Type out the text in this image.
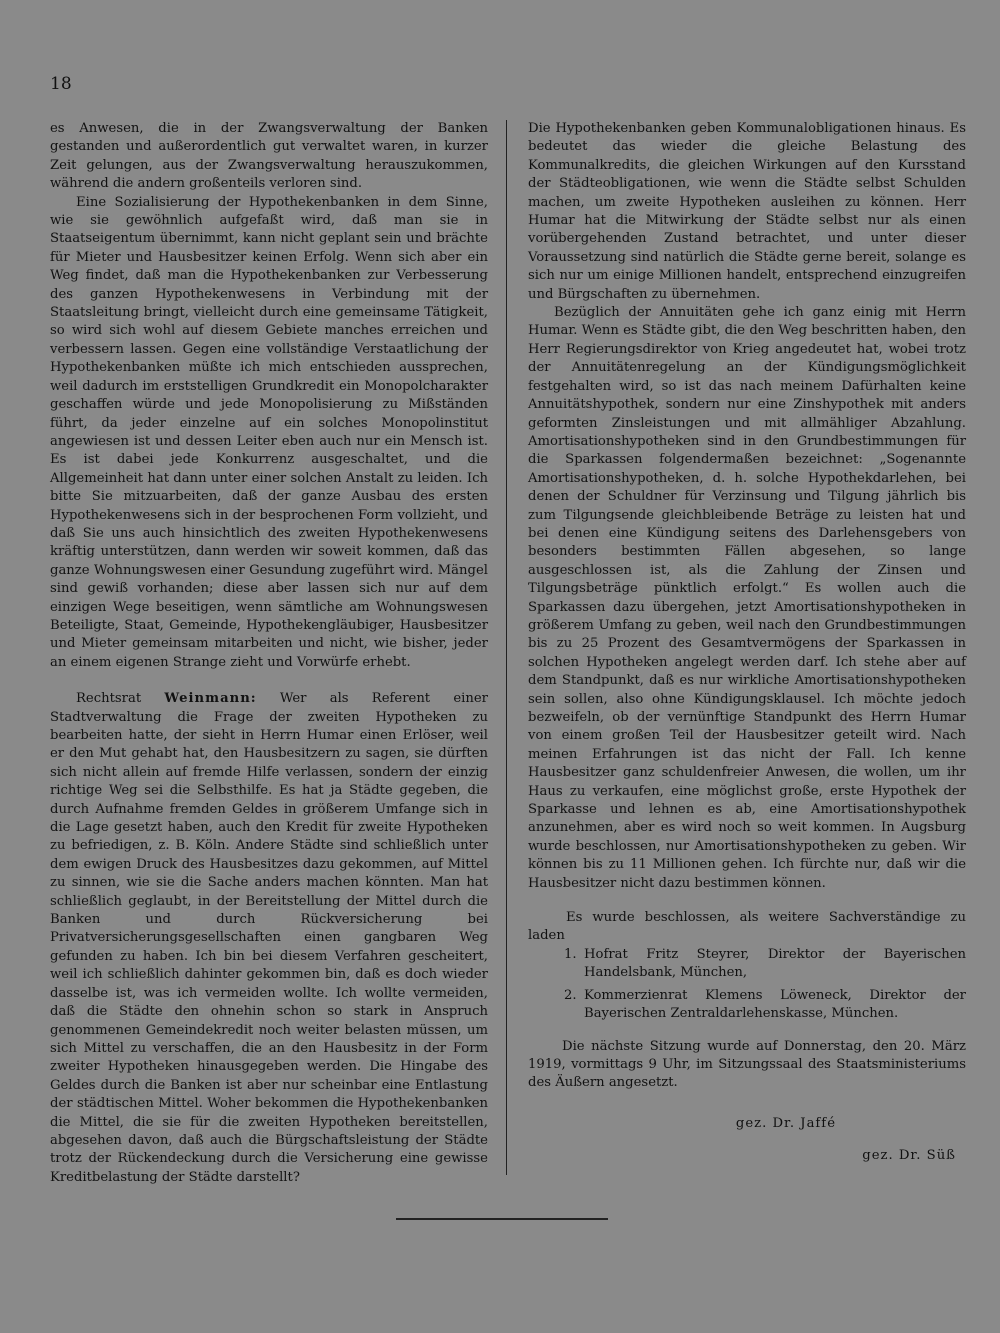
18

es Anwesen, die in der Zwangsverwaltung der Banken gestanden und außerordentlich gut verwaltet waren, in kurzer Zeit gelungen, aus der Zwangsverwaltung herauszukommen, während die andern großenteils verloren sind.

Eine Sozialisierung der Hypothekenbanken in dem Sinne, wie sie gewöhnlich aufgefaßt wird, daß man sie in Staatseigentum übernimmt, kann nicht geplant sein und brächte für Mieter und Hausbesitzer keinen Erfolg. Wenn sich aber ein Weg findet, daß man die Hypothekenbanken zur Verbesserung des ganzen Hypothekenwesens in Verbindung mit der Staatsleitung bringt, vielleicht durch eine gemeinsame Tätigkeit, so wird sich wohl auf diesem Gebiete manches erreichen und verbessern lassen. Gegen eine vollständige Verstaatlichung der Hypothekenbanken müßte ich mich entschieden aussprechen, weil dadurch im erststelligen Grundkredit ein Monopolcharakter geschaffen würde und jede Monopolisierung zu Mißständen führt, da jeder einzelne auf ein solches Monopolinstitut angewiesen ist und dessen Leiter eben auch nur ein Mensch ist. Es ist dabei jede Konkurrenz ausgeschaltet, und die Allgemeinheit hat dann unter einer solchen Anstalt zu leiden. Ich bitte Sie mitzuarbeiten, daß der ganze Ausbau des ersten Hypothekenwesens sich in der besprochenen Form vollzieht, und daß Sie uns auch hinsichtlich des zweiten Hypothekenwesens kräftig unterstützen, dann werden wir soweit kommen, daß das ganze Wohnungswesen einer Gesundung zugeführt wird. Mängel sind gewiß vorhanden; diese aber lassen sich nur auf dem einzigen Wege beseitigen, wenn sämtliche am Wohnungswesen Beteiligte, Staat, Gemeinde, Hypothekengläubiger, Hausbesitzer und Mieter gemeinsam mitarbeiten und nicht, wie bisher, jeder an einem eigenen Strange zieht und Vorwürfe erhebt.

Rechtsrat Weinmann: Wer als Referent einer Stadtverwaltung die Frage der zweiten Hypotheken zu bearbeiten hatte, der sieht in Herrn Humar einen Erlöser, weil er den Mut gehabt hat, den Hausbesitzern zu sagen, sie dürften sich nicht allein auf fremde Hilfe verlassen, sondern der einzig richtige Weg sei die Selbsthilfe. Es hat ja Städte gegeben, die durch Aufnahme fremden Geldes in größerem Umfange sich in die Lage gesetzt haben, auch den Kredit für zweite Hypotheken zu befriedigen, z. B. Köln. Andere Städte sind schließlich unter dem ewigen Druck des Hausbesitzes dazu gekommen, auf Mittel zu sinnen, wie sie die Sache anders machen könnten. Man hat schließlich geglaubt, in der Bereitstellung der Mittel durch die Banken und durch Rückversicherung bei Privatversicherungsgesellschaften einen gangbaren Weg gefunden zu haben. Ich bin bei diesem Verfahren gescheitert, weil ich schließlich dahinter gekommen bin, daß es doch wieder dasselbe ist, was ich vermeiden wollte. Ich wollte vermeiden, daß die Städte den ohnehin schon so stark in Anspruch genommenen Gemeindekredit noch weiter belasten müssen, um sich Mittel zu verschaffen, die an den Hausbesitz in der Form zweiter Hypotheken hinausgegeben werden. Die Hingabe des Geldes durch die Banken ist aber nur scheinbar eine Entlastung der städtischen Mittel. Woher bekommen die Hypothekenbanken die Mittel, die sie für die zweiten Hypotheken bereitstellen, abgesehen davon, daß auch die Bürgschaftsleistung der Städte trotz der Rückendeckung durch die Versicherung eine gewisse Kreditbelastung der Städte darstellt?

Die Hypothekenbanken geben Kommunalobligationen hinaus. Es bedeutet das wieder die gleiche Belastung des Kommunalkredits, die gleichen Wirkungen auf den Kursstand der Städteobligationen, wie wenn die Städte selbst Schulden machen, um zweite Hypotheken ausleihen zu können. Herr Humar hat die Mitwirkung der Städte selbst nur als einen vorübergehenden Zustand betrachtet, und unter dieser Voraussetzung sind natürlich die Städte gerne bereit, solange es sich nur um einige Millionen handelt, entsprechend einzugreifen und Bürgschaften zu übernehmen.

Bezüglich der Annuitäten gehe ich ganz einig mit Herrn Humar. Wenn es Städte gibt, die den Weg beschritten haben, den Herr Regierungsdirektor von Krieg angedeutet hat, wobei trotz der Annuitätenregelung an der Kündigungsmöglichkeit festgehalten wird, so ist das nach meinem Dafürhalten keine Annuitätshypothek, sondern nur eine Zinshypothek mit anders geformten Zinsleistungen und mit allmähliger Abzahlung. Amortisationshypotheken sind in den Grundbestimmungen für die Sparkassen folgendermaßen bezeichnet: „Sogenannte Amortisationshypotheken, d. h. solche Hypothekdarlehen, bei denen der Schuldner für Verzinsung und Tilgung jährlich bis zum Tilgungsende gleichbleibende Beträge zu leisten hat und bei denen eine Kündigung seitens des Darlehensgebers von besonders bestimmten Fällen abgesehen, so lange ausgeschlossen ist, als die Zahlung der Zinsen und Tilgungsbeträge pünktlich erfolgt.“ Es wollen auch die Sparkassen dazu übergehen, jetzt Amortisationshypotheken in größerem Umfang zu geben, weil nach den Grundbestimmungen bis zu 25 Prozent des Gesamtvermögens der Sparkassen in solchen Hypotheken angelegt werden darf. Ich stehe aber auf dem Standpunkt, daß es nur wirkliche Amortisationshypotheken sein sollen, also ohne Kündigungsklausel. Ich möchte jedoch bezweifeln, ob der vernünftige Standpunkt des Herrn Humar von einem großen Teil der Hausbesitzer geteilt wird. Nach meinen Erfahrungen ist das nicht der Fall. Ich kenne Hausbesitzer ganz schuldenfreier Anwesen, die wollen, um ihr Haus zu verkaufen, eine möglichst große, erste Hypothek der Sparkasse und lehnen es ab, eine Amortisationshypothek anzunehmen, aber es wird noch so weit kommen. In Augsburg wurde beschlossen, nur Amortisationshypotheken zu geben. Wir können bis zu 11 Millionen gehen. Ich fürchte nur, daß wir die Hausbesitzer nicht dazu bestimmen können.

Es wurde beschlossen, als weitere Sachverständige zu laden

1. Hofrat Fritz Steyrer, Direktor der Bayerischen Handelsbank, München,
2. Kommerzienrat Klemens Löweneck, Direktor der Bayerischen Zentraldarlehenskasse, München.

Die nächste Sitzung wurde auf Donnerstag, den 20. März 1919, vormittags 9 Uhr, im Sitzungssaal des Staatsministeriums des Äußern angesetzt.

gez. Dr. Jaffé

gez. Dr. Süß
